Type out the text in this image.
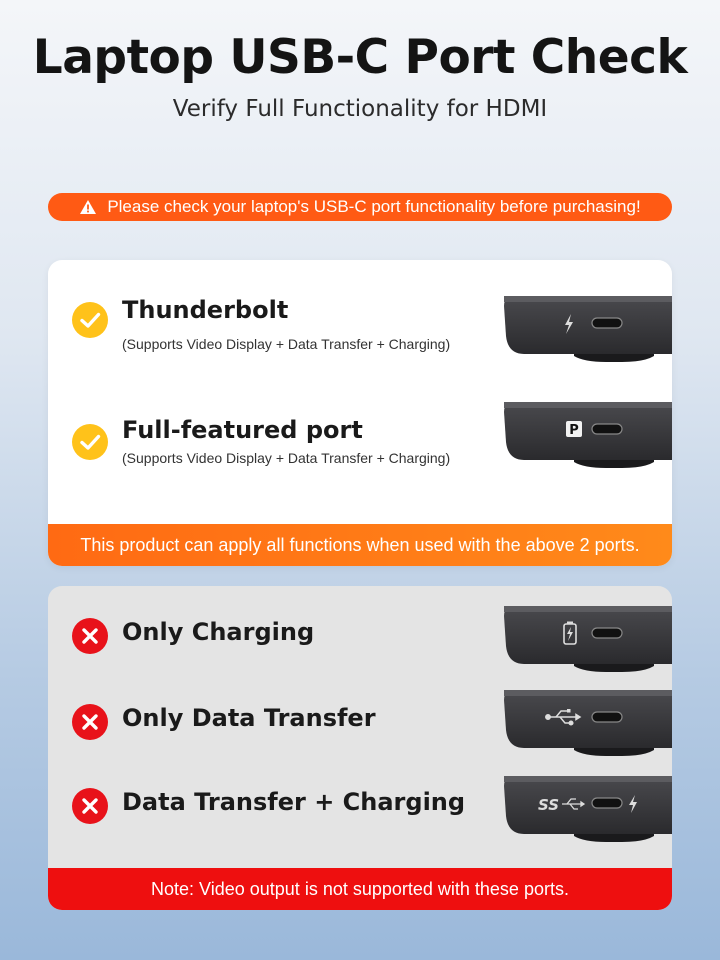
Laptop USB-C Port Check
Verify Full Functionality for HDMI
Please check your laptop's USB-C port functionality before purchasing!
Thunderbolt
(Supports Video Display + Data Transfer + Charging)
Full-featured port
(Supports Video Display + Data Transfer + Charging)
P
This product can apply all functions when used with the above 2 ports.
Only Charging
Only Data Transfer
Data Transfer + Charging	SS
Note: Video output is not supported with these ports.
